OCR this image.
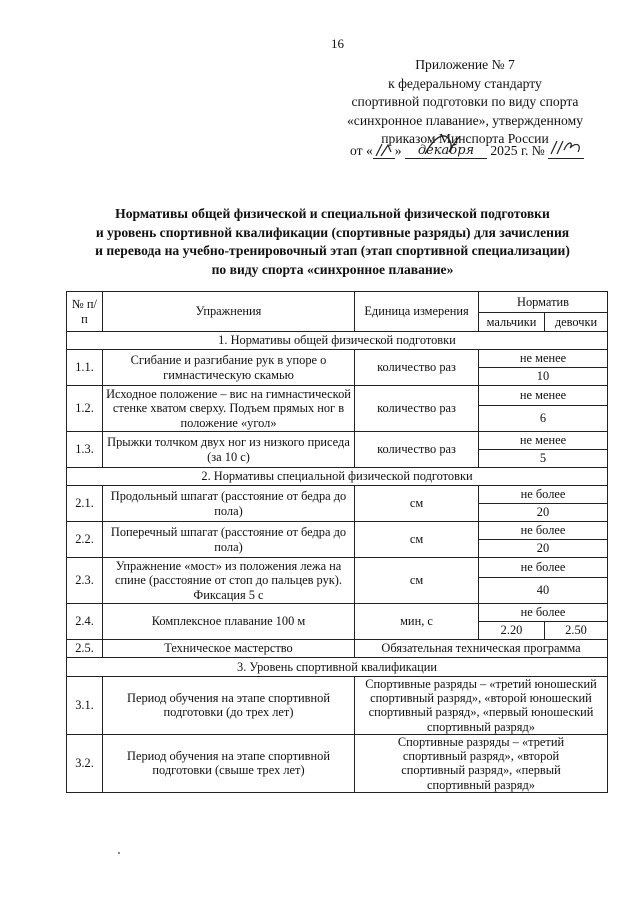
16
Приложение № 7
к федеральному стандарту
спортивной подготовки по виду спорта
«синхронное плавание», утвержденному
приказом Минспорта России
от « » декабря 2025 г. №
Нормативы общей физической и специальной физической подготовки
и уровень спортивной квалификации (спортивные разряды) для зачисления
и перевода на учебно-тренировочный этап (этап спортивной специализации)
по виду спорта «синхронное плавание»
№ п/п	Упражнения	Единица измерения	Норматив	
			мальчики	девочки
1. Нормативы общей физической подготовки				
1.1.	Сгибание и разгибание рук в упоре о гимнастическую скамью	количество раз	не менее	
			10	
1.2.	Исходное положение – вис на гимнастической стенке хватом сверху. Подъем прямых ног в положение «угол»	количество раз	не менее	
			6	
1.3.	Прыжки толчком двух ног из низкого приседа (за 10 с)	количество раз	не менее	
			5	
2. Нормативы специальной физической подготовки				
2.1.	Продольный шпагат (расстояние от бедра до пола)	см	не более	
			20	
2.2.	Поперечный шпагат (расстояние от бедра до пола)	см	не более	
			20	
2.3.	Упражнение «мост» из положения лежа на спине (расстояние от стоп до пальцев рук). Фиксация 5 с	см	не более	
			40	
2.4.	Комплексное плавание 100 м	мин, с	не более	
			2.20	2.50
2.5.	Техническое мастерство	Обязательная техническая программа		
3. Уровень спортивной квалификации				
3.1.	Период обучения на этапе спортивной подготовки (до трех лет)	Спортивные разряды – «третий юношеский спортивный разряд», «второй юношеский спортивный разряд», «первый юношеский спортивный разряд»		
3.2.	Период обучения на этапе спортивной подготовки (свыше трех лет)	Спортивные разряды – «третий спортивный разряд», «второй спортивный разряд», «первый спортивный разряд»		
